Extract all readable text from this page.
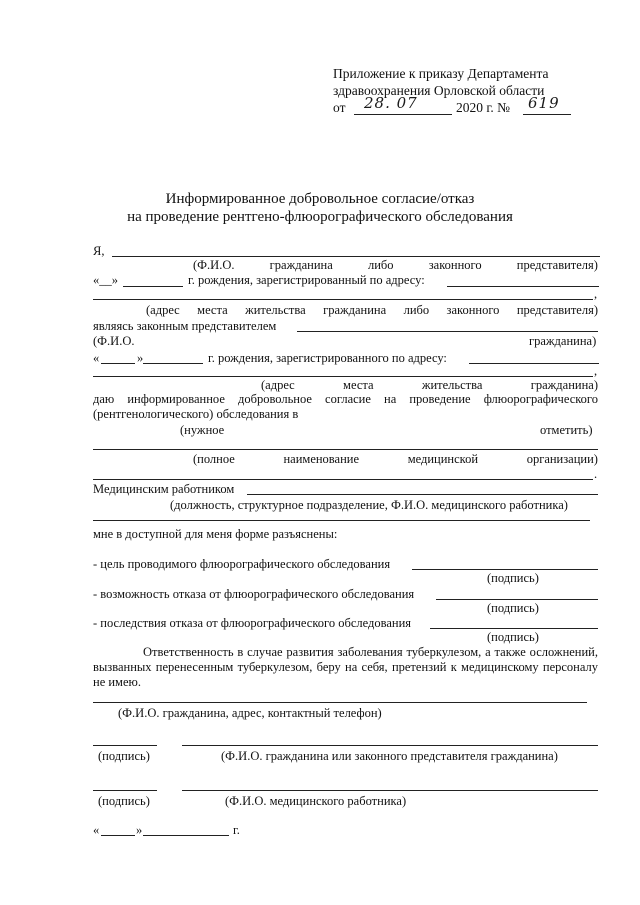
Приложение к приказу Департамента
здравоохранения Орловской области
от 28. 07	2020 г. № 619
Информированное добровольное согласие/отказ
на проведение рентгено-флюорографического обследования
Я,
(Ф.И.О.	гражданина	либо	законного	представителя)
«__»	г. рождения, зарегистрированный по адресу:
,
(адрес места жительства гражданина либо законного представителя)
являясь законным представителем
(Ф.И.О.	гражданина)
«	»	г. рождения, зарегистрированного по адресу:
,
(адрес	места	жительства	гражданина)
даю информированное добровольное согласие на проведение флюорографического (рентгенологического) обследования в
(нужное	отметить)
(полное	наименование	медицинской	организации)
.
Медицинским работником
(должность, структурное подразделение, Ф.И.О. медицинского работника)
мне в доступной для меня форме разъяснены:
- цель проводимого флюорографического обследования
(подпись)
- возможность отказа от флюорографического обследования
(подпись)
- последствия отказа от флюорографического обследования
(подпись)
Ответственность в случае развития заболевания туберкулезом, а также осложнений, вызванных перенесенным туберкулезом, беру на себя, претензий к медицинскому персоналу не имею.
(Ф.И.О. гражданина, адрес, контактный телефон)
(подпись)	(Ф.И.О. гражданина или законного представителя гражданина)
(подпись)	(Ф.И.О. медицинского работника)
«	»	г.
